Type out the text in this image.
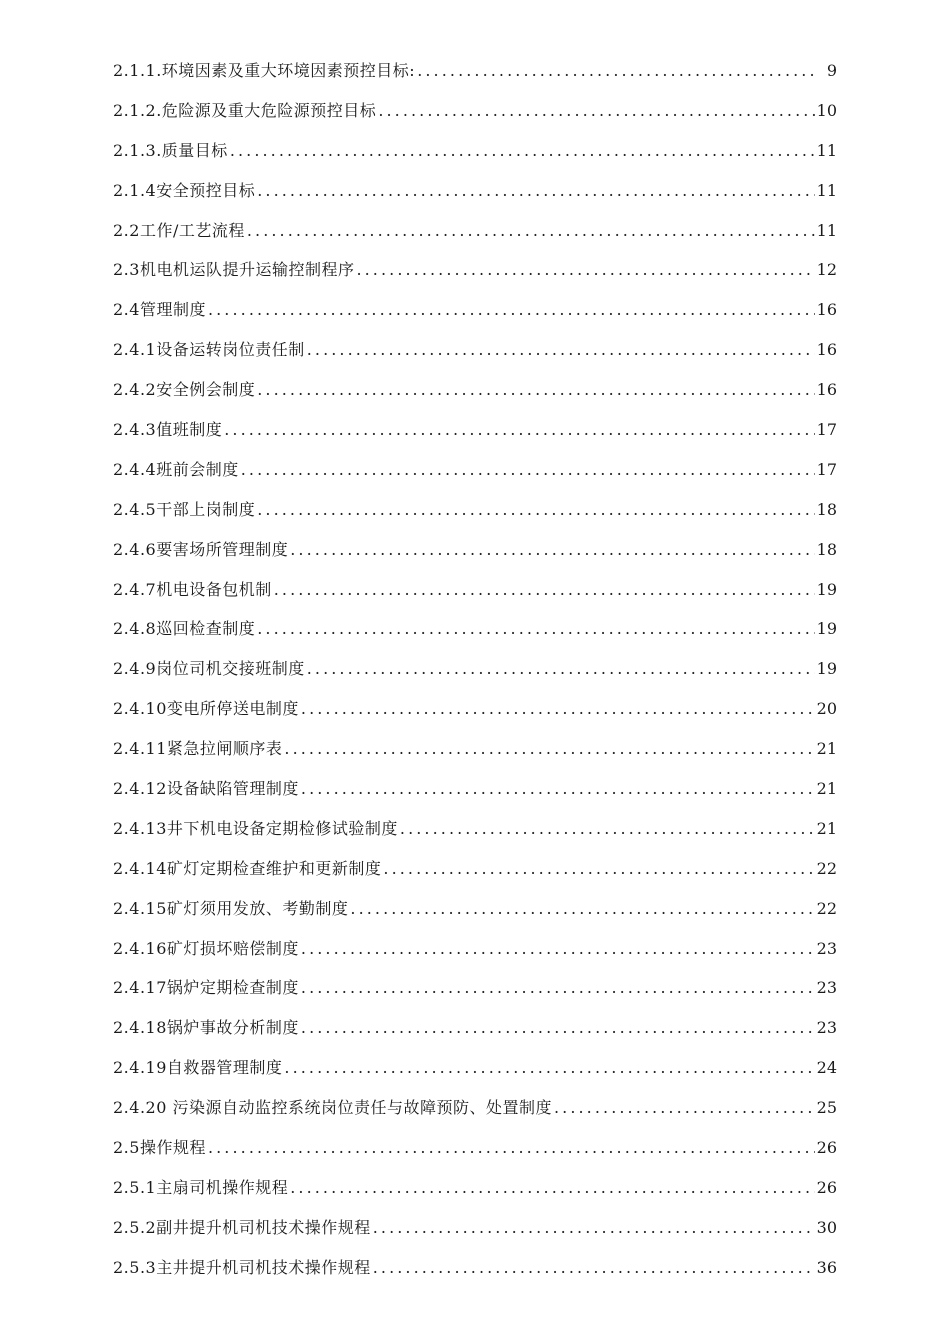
2.1.1.环境因素及重大环境因素预控目标: . . .	9
2.1.2.危险源及重大危险源预控目标 . . .	10
2.1.3.质量目标 . . .	11
2.1.4安全预控目标 . . .	11
2.2工作/工艺流程 . . .	11
2.3机电机运队提升运输控制程序 . . .	12
2.4管理制度 . . .	16
2.4.1设备运转岗位责任制 . . .	16
2.4.2安全例会制度 . . .	16
2.4.3值班制度 . . .	17
2.4.4班前会制度 . . .	17
2.4.5干部上岗制度 . . .	18
2.4.6要害场所管理制度 . . .	18
2.4.7机电设备包机制 . . .	19
2.4.8巡回检查制度 . . .	19
2.4.9岗位司机交接班制度 . . .	19
2.4.10变电所停送电制度 . . .	20
2.4.11紧急拉闸顺序表 . . .	21
2.4.12设备缺陷管理制度 . . .	21
2.4.13井下机电设备定期检修试验制度 . . .	21
2.4.14矿灯定期检查维护和更新制度 . . .	22
2.4.15矿灯须用发放、考勤制度 . . .	22
2.4.16矿灯损坏赔偿制度 . . .	23
2.4.17锅炉定期检查制度 . . .	23
2.4.18锅炉事故分析制度 . . .	23
2.4.19自救器管理制度 . . .	24
2.4.20 污染源自动监控系统岗位责任与故障预防、处置制度 . . .	25
2.5操作规程 . . .	26
2.5.1主扇司机操作规程 . . .	26
2.5.2副井提升机司机技术操作规程 . . .	30
2.5.3主井提升机司机技术操作规程 . . .	36
